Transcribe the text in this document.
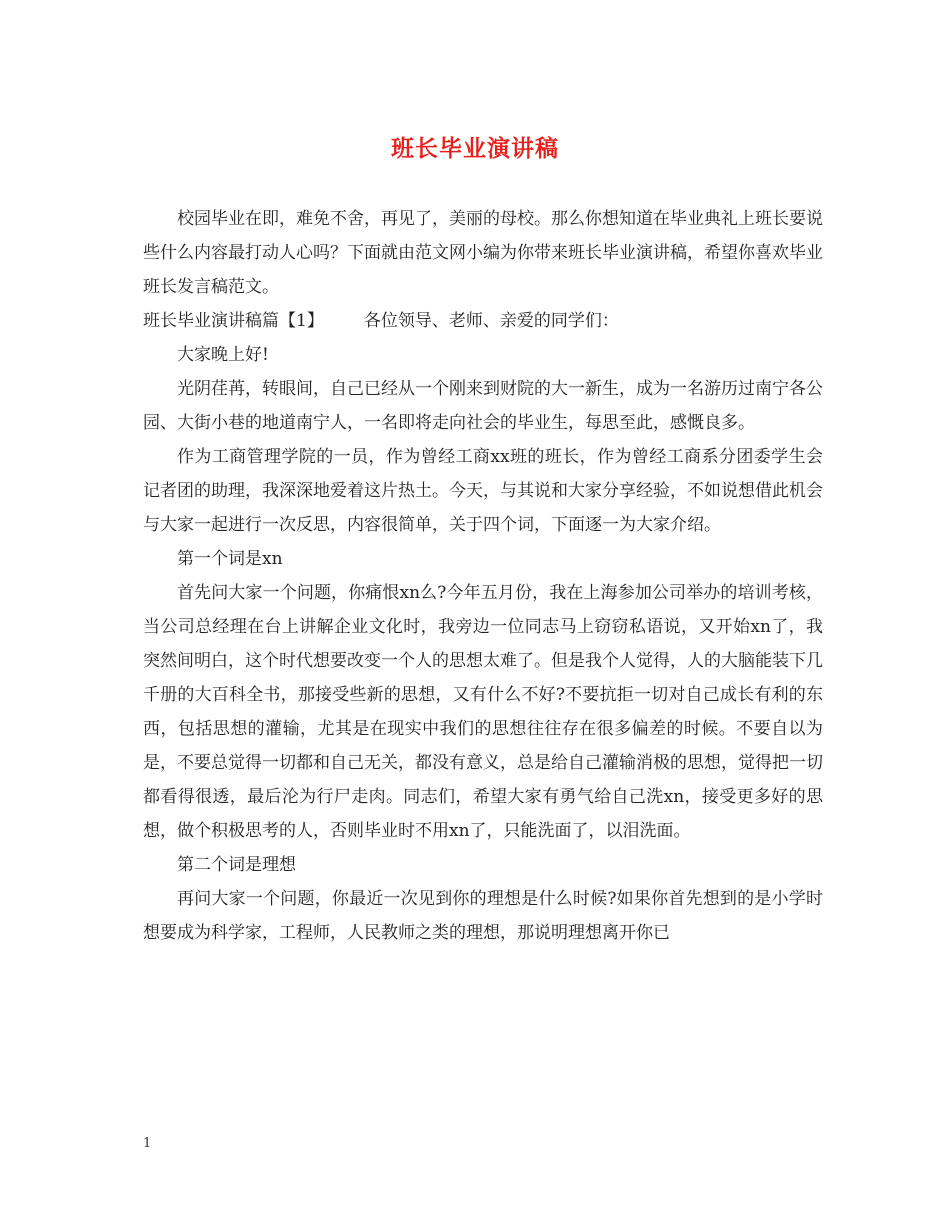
班长毕业演讲稿

校园毕业在即，难免不舍，再见了，美丽的母校。那么你想知道在毕业典礼上班长要说些什么内容最打动人心吗？下面就由范文网小编为你带来班长毕业演讲稿，希望你喜欢毕业班长发言稿范文。

班长毕业演讲稿篇【1】 各位领导、老师、亲爱的同学们：

大家晚上好!

光阴荏苒，转眼间，自己已经从一个刚来到财院的大一新生，成为一名游历过南宁各公园、大街小巷的地道南宁人，一名即将走向社会的毕业生，每思至此，感慨良多。

作为工商管理学院的一员，作为曾经工商xx班的班长，作为曾经工商系分团委学生会记者团的助理，我深深地爱着这片热土。今天，与其说和大家分享经验，不如说想借此机会与大家一起进行一次反思，内容很简单，关于四个词，下面逐一为大家介绍。

第一个词是xn

首先问大家一个问题，你痛恨xn么?今年五月份，我在上海参加公司举办的培训考核，当公司总经理在台上讲解企业文化时，我旁边一位同志马上窃窃私语说，又开始xn了，我突然间明白，这个时代想要改变一个人的思想太难了。但是我个人觉得，人的大脑能装下几千册的大百科全书，那接受些新的思想，又有什么不好?不要抗拒一切对自己成长有利的东西，包括思想的灌输，尤其是在现实中我们的思想往往存在很多偏差的时候。不要自以为是，不要总觉得一切都和自己无关，都没有意义，总是给自己灌输消极的思想，觉得把一切都看得很透，最后沦为行尸走肉。同志们，希望大家有勇气给自己洗xn，接受更多好的思想，做个积极思考的人，否则毕业时不用xn了，只能洗面了，以泪洗面。

第二个词是理想

再问大家一个问题，你最近一次见到你的理想是什么时候?如果你首先想到的是小学时想要成为科学家，工程师，人民教师之类的理想，那说明理想离开你已

1
